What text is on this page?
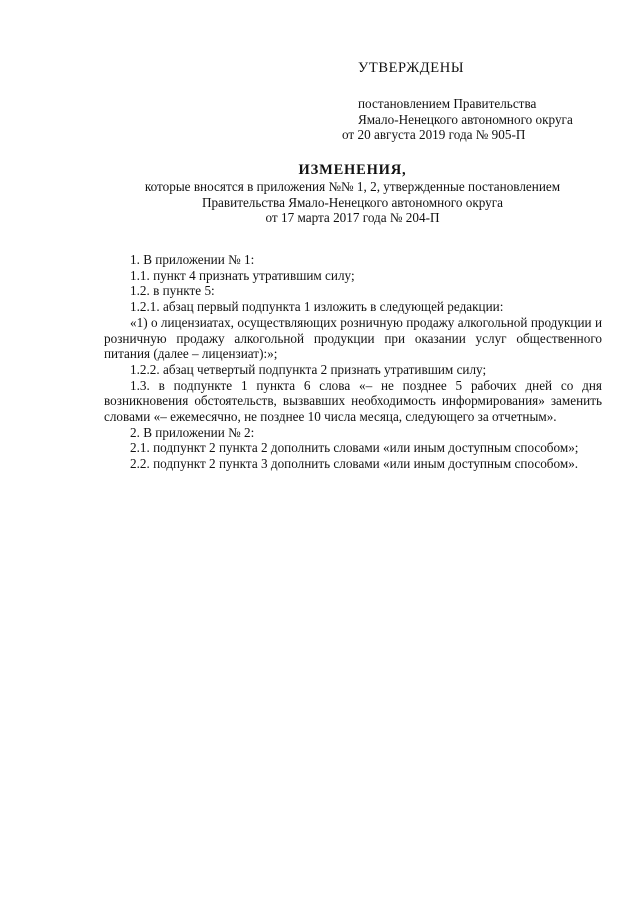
УТВЕРЖДЕНЫ
постановлением Правительства
Ямало-Ненецкого автономного округа
от 20 августа 2019 года № 905-П
ИЗМЕНЕНИЯ,
которые вносятся в приложения №№ 1, 2, утвержденные постановлением
Правительства Ямало-Ненецкого автономного округа
от 17 марта 2017 года № 204-П

1. В приложении № 1:

1.1. пункт 4 признать утратившим силу;

1.2. в пункте 5:

1.2.1. абзац первый подпункта 1 изложить в следующей редакции:

«1) о лицензиатах, осуществляющих розничную продажу алкогольной продукции и розничную продажу алкогольной продукции при оказании услуг общественного питания (далее – лицензиат):»;

1.2.2. абзац четвертый подпункта 2 признать утратившим силу;

1.3. в подпункте 1 пункта 6 слова «– не позднее 5 рабочих дней со дня возникновения обстоятельств, вызвавших необходимость информирования» заменить словами «– ежемесячно, не позднее 10 числа месяца, следующего за отчетным».

2. В приложении № 2:

2.1. подпункт 2 пункта 2 дополнить словами «или иным доступным способом»;

2.2. подпункт 2 пункта 3 дополнить словами «или иным доступным способом».
